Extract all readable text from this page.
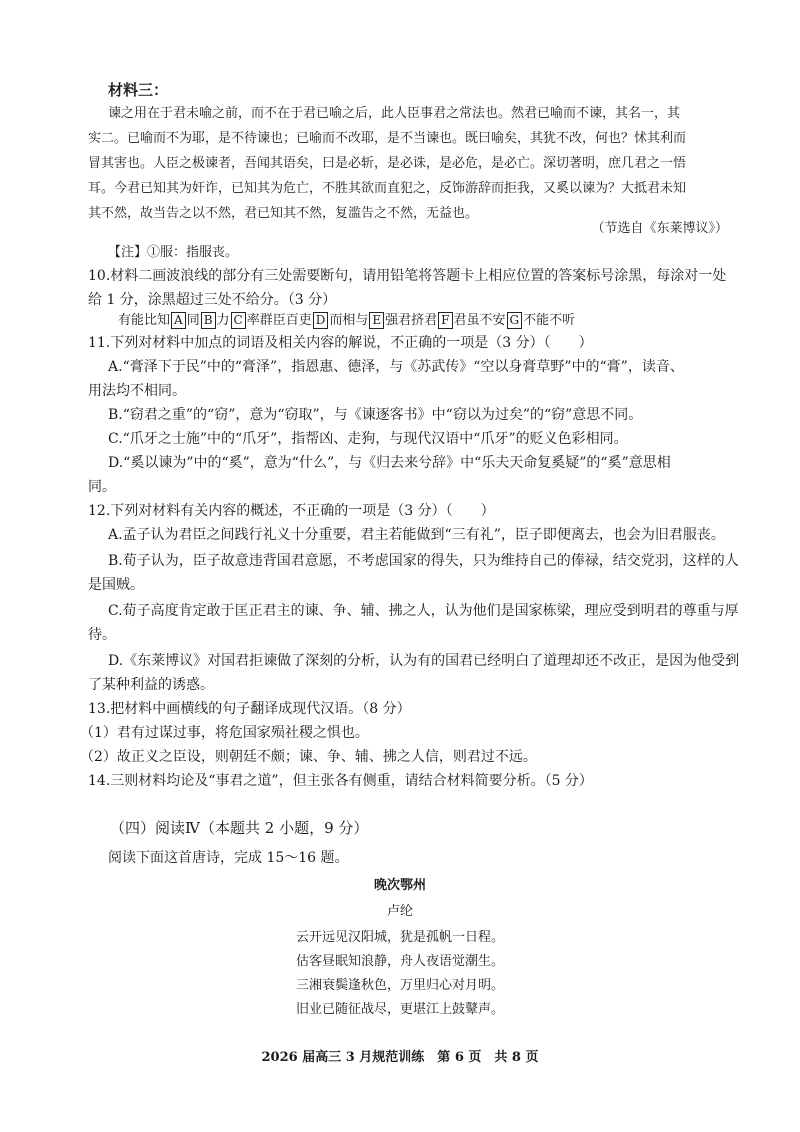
材料三：
谏之用在于君未喻之前，而不在于君已喻之后，此人臣事君之常法也。然君已喻而不谏，其名一，其
实二。已喻而不为耶，是不待谏也；已喻而不改耶，是不当谏也。既曰喻矣，其犹不改，何也？怵其利而
冒其害也。人臣之极谏者，吾闻其语矣，曰是必斩，是必诛，是必危，是必亡。深切著明，庶几君之一悟
耳。今君已知其为奸诈，已知其为危亡，不胜其欲而直犯之，反饰游辞而拒我，又奚以谏为？大抵君未知
其不然，故当告之以不然，君已知其不然，复滥告之不然，无益也。
（节选自《东莱博议》）
【注】①服：指服丧。
10.材料二画波浪线的部分有三处需要断句，请用铅笔将答题卡上相应位置的答案标号涂黑，每涂对一处
给 1 分，涂黑超过三处不给分。（3 分）
有能比知 A 同 B 力 C 率群臣百吏 D 而相与 E 强君挤君 F 君虽不安 G 不能不听
11.下列对材料中加点的词语及相关内容的解说，不正确的一项是（3 分）（　　）
A.“膏泽下于民”中的“膏泽”，指恩惠、德泽，与《苏武传》“空以身膏草野”中的“膏”，读音、
用法均不相同。
B.“窃君之重”的“窃”，意为“窃取”，与《谏逐客书》中“窃以为过矣”的“窃”意思不同。
C.“爪牙之士施”中的“爪牙”，指帮凶、走狗，与现代汉语中“爪牙”的贬义色彩相同。
D.“奚以谏为”中的“奚”，意为“什么”，与《归去来兮辞》中“乐夫天命复奚疑”的“奚”意思相
同。
12.下列对材料有关内容的概述，不正确的一项是（3 分）（　　）
A.孟子认为君臣之间践行礼义十分重要，君主若能做到“三有礼”，臣子即便离去，也会为旧君服丧。
B.荀子认为，臣子故意违背国君意愿，不考虑国家的得失，只为维持自己的俸禄，结交党羽，这样的人
是国贼。
C.荀子高度肯定敢于匡正君主的谏、争、辅、拂之人，认为他们是国家栋梁，理应受到明君的尊重与厚
待。
D.《东莱博议》对国君拒谏做了深刻的分析，认为有的国君已经明白了道理却还不改正，是因为他受到
了某种利益的诱惑。
13.把材料中画横线的句子翻译成现代汉语。（8 分）
（1）君有过谋过事，将危国家殒社稷之惧也。
（2）故正义之臣设，则朝廷不颇；谏、争、辅、拂之人信，则君过不远。
14.三则材料均论及“事君之道”，但主张各有侧重，请结合材料简要分析。（5 分）
（四）阅读Ⅳ（本题共 2 小题，9 分）
阅读下面这首唐诗，完成 15～16 题。
晚次鄂州
卢纶
云开远见汉阳城，犹是孤帆一日程。
估客昼眠知浪静，舟人夜语觉潮生。
三湘衰鬓逢秋色，万里归心对月明。
旧业已随征战尽，更堪江上鼓鼙声。
2026 届高三 3 月规范训练　第 6 页　共 8 页
